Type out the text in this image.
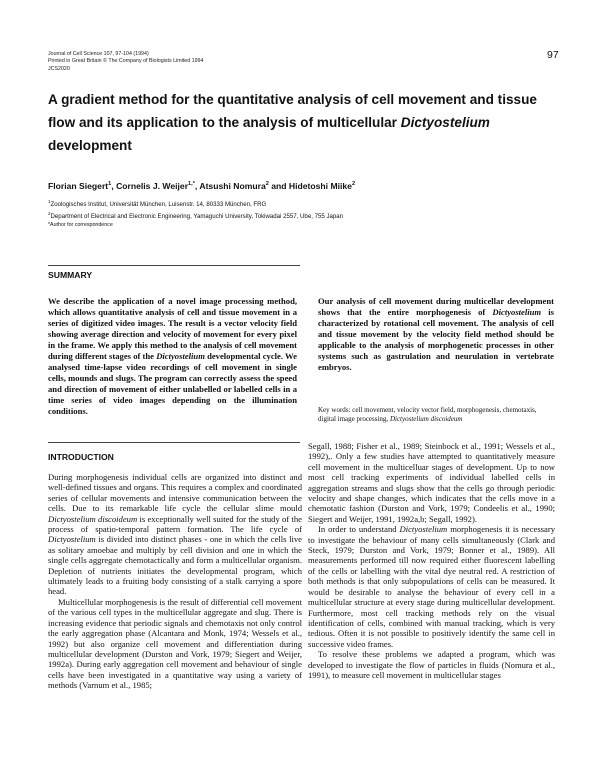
Journal of Cell Science 107, 97-104 (1994)
Printed in Great Britain © The Company of Biologists Limited 1994
JCS2020
97
A gradient method for the quantitative analysis of cell movement and tissue flow and its application to the analysis of multicellular Dictyostelium development
Florian Siegert$^1$, Cornelis J. Weijer$^{1,*}$, Atsushi Nomura$^2$ and Hidetoshi Miike$^2$
$^1$Zoologisches Institut, Universität München, Luisenstr. 14, 80333 München, FRG
$^2$Department of Electrical and Electronic Engineering, Yamaguchi University, Tokiwadai 2557, Ube, 755 Japan
*Author for correspondence
SUMMARY
We describe the application of a novel image processing method, which allows quantitative analysis of cell and tissue movement in a series of digitized video images. The result is a vector velocity field showing average direction and velocity of movement for every pixel in the frame. We apply this method to the analysis of cell movement during different stages of the Dictyostelium developmental cycle. We analysed time-lapse video recordings of cell movement in single cells, mounds and slugs. The program can correctly assess the speed and direction of movement of either unlabelled or labelled cells in a time series of video images depending on the illumination conditions.
Our analysis of cell movement during multicellar development shows that the entire morphogenesis of Dictyostelium is characterized by rotational cell movement. The analysis of cell and tissue movement by the velocity field method should be applicable to the analysis of morphogenetic processes in other systems such as gastrulation and neurulation in vertebrate embryos.
Key words: cell movement, velocity vector field, morphogenesis, chemotaxis, digital image processing, Dictyostelium discoideum
INTRODUCTION

During morphogenesis individual cells are organized into distinct and well-defined tissues and organs. This requires a complex and coordinated series of cellular movements and intensive communication between the cells. Due to its remarkable life cycle the cellular slime mould Dictyostelium discoideum is exceptionally well suited for the study of the process of spatio-temporal pattern formation. The life cycle of Dictyostelium is divided into distinct phases - one in which the cells live as solitary amoebae and multiply by cell division and one in which the single cells aggregate chemotactically and form a multicellular organism. Depletion of nutrients initiates the developmental program, which ultimately leads to a fruiting body consisting of a stalk carrying a spore head.

Multicellular morphogenesis is the result of differential cell movement of the various cell types in the multicellular aggregate and slug. There is increasing evidence that periodic signals and chemotaxis not only control the early aggregation phase (Alcantara and Monk, 1974; Wessels et al., 1992) but also organize cell movement and differentiation during multicellular development (Durston and Vork, 1979; Siegert and Weijer, 1992a). During early aggregation cell movement and behaviour of single cells have been investigated in a quantitative way using a variety of methods (Varnum et al., 1985;

Segall, 1988; Fisher et al., 1989; Steinbock et al., 1991; Wessels et al., 1992),. Only a few studies have attempted to quantitatively measure cell movement in the multicelluar stages of development. Up to now most cell tracking experiments of individual labelled cells in aggregation streams and slugs show that the cells go through periodic velocity and shape changes, which indicates that the cells move in a chemotatic fashion (Durston and Vork, 1979; Condeelis et al., 1990; Siegert and Weijer, 1991, 1992a,b; Segall, 1992).

In order to understand Dictyostelium morphogenesis it is necessary to investigate the behaviour of many cells simultaneously (Clark and Steck, 1979; Durston and Vork, 1979; Bonner et al., 1989). All measurements performed till now required either fluorescent labelling of the cells or labelling with the vital dye neutral red. A restriction of both methods is that only subpopulations of cells can be measured. It would be desirable to analyse the behaviour of every cell in a multicellular structure at every stage during multicellular development. Furthermore, most cell tracking methods rely on the visual identification of cells, combined with manual tracking, which is very tedious. Often it is not possible to positively identify the same cell in successive video frames.

To resolve these problems we adapted a program, which was developed to investigate the flow of particles in fluids (Nomura et al., 1991), to measure cell movement in multicellular stages
